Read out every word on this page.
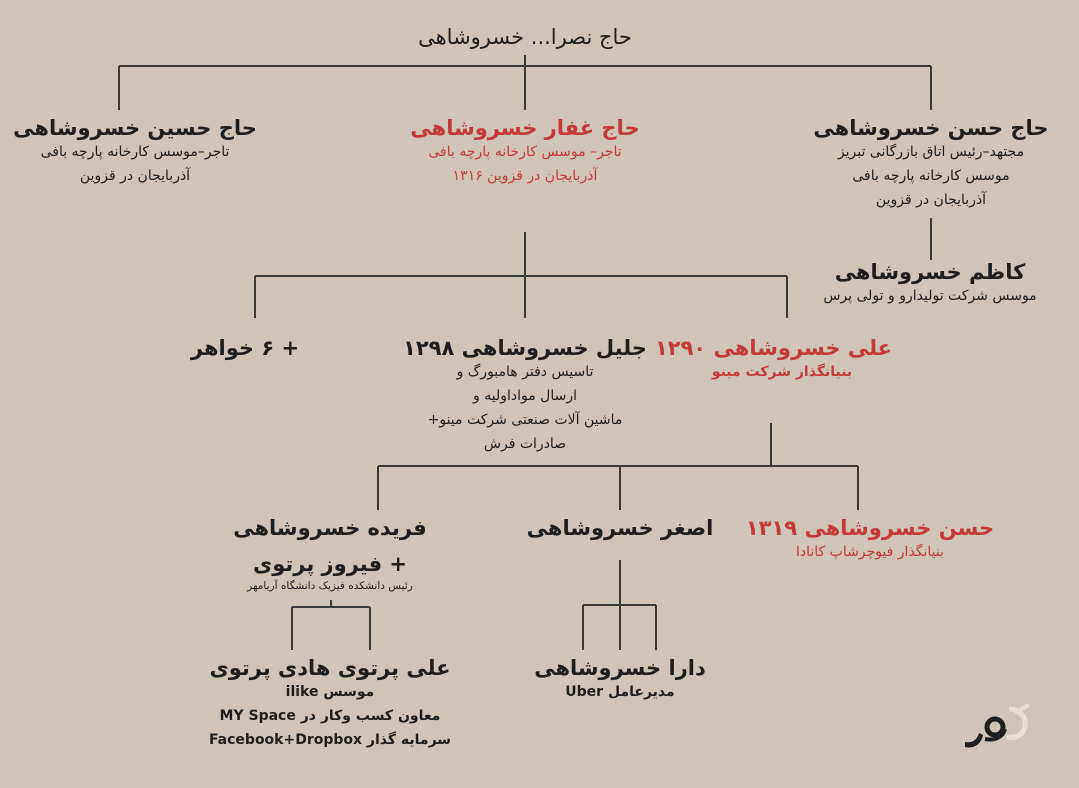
حاج نصرا... خسروشاهی
حاج حسن خسروشاهی
مجتهد–رئیس اتاق بازرگانی تبریز
موسس کارخانه پارچه بافی
آذربایجان در قزوین
حاج غفار خسروشاهی
تاجر– موسس کارخانه پارچه بافی
آذربایجان در قزوین ۱۳۱۶
حاج حسین خسروشاهی
تاجر–موسس کارخانه پارچه بافی
آذربایجان در قزوین
کاظم خسروشاهی
موسس شرکت تولیدارو و تولی پرس
علی خسروشاهی ۱۲۹۰
بنیانگذار شرکت مینو
جلیل خسروشاهی ۱۲۹۸
تاسیس دفتر هامبورگ و
ارسال مواداولیه و
ماشین آلات صنعتی شرکت مینو+
صادرات فرش
+ ۶ خواهر
حسن خسروشاهی ۱۳۱۹
بنیانگذار فیوچرشاپ کانادا
اصغر خسروشاهی
فریده خسروشاهی
+ فیروز پرتوی
رئیس دانشکده فیزیک دانشگاه آریامهر
دارا خسروشاهی
مدیرعامل Uber
علی پرتوی هادی پرتوی
موسس ilike
معاون کسب وکار در MY Space
سرمایه گذار Facebook+Dropbox
